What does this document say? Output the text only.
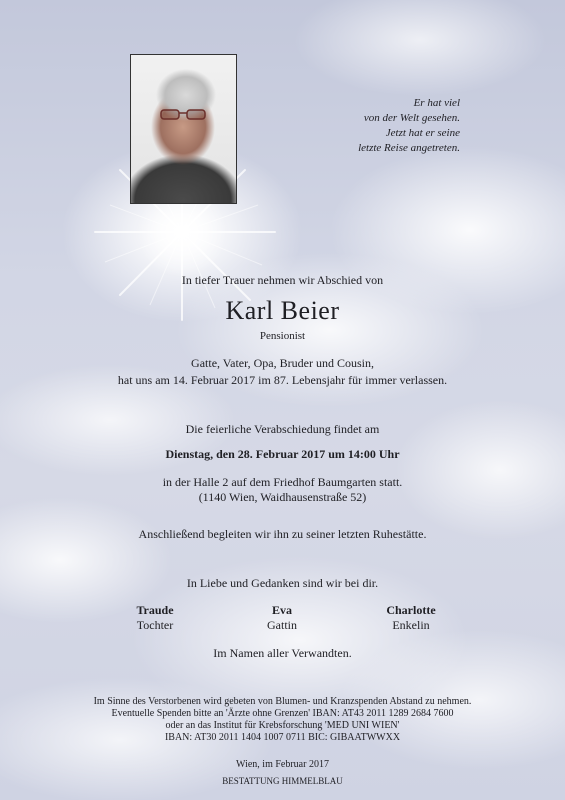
Er hat viel
von der Welt gesehen.
Jetzt hat er seine
letzte Reise angetreten.
In tiefer Trauer nehmen wir Abschied von
Karl Beier
Pensionist
Gatte, Vater, Opa, Bruder und Cousin,
hat uns am 14. Februar 2017 im 87. Lebensjahr für immer verlassen.
Die feierliche Verabschiedung findet am
Dienstag, den 28. Februar 2017 um 14:00 Uhr
in der Halle 2 auf dem Friedhof Baumgarten statt.
(1140 Wien, Waidhausenstraße 52)
Anschließend begleiten wir ihn zu seiner letzten Ruhestätte.
In Liebe und Gedanken sind wir bei dir.
Traude
Tochter
Eva
Gattin
Charlotte
Enkelin
Im Namen aller Verwandten.
Im Sinne des Verstorbenen wird gebeten von Blumen- und Kranzspenden Abstand zu nehmen.
Eventuelle Spenden bitte an 'Ärzte ohne Grenzen' IBAN: AT43 2011 1289 2684 7600
oder an das Institut für Krebsforschung 'MED UNI WIEN'
IBAN: AT30 2011 1404 1007 0711 BIC: GIBAATWWXX
Wien, im Februar 2017
BESTATTUNG HIMMELBLAU
